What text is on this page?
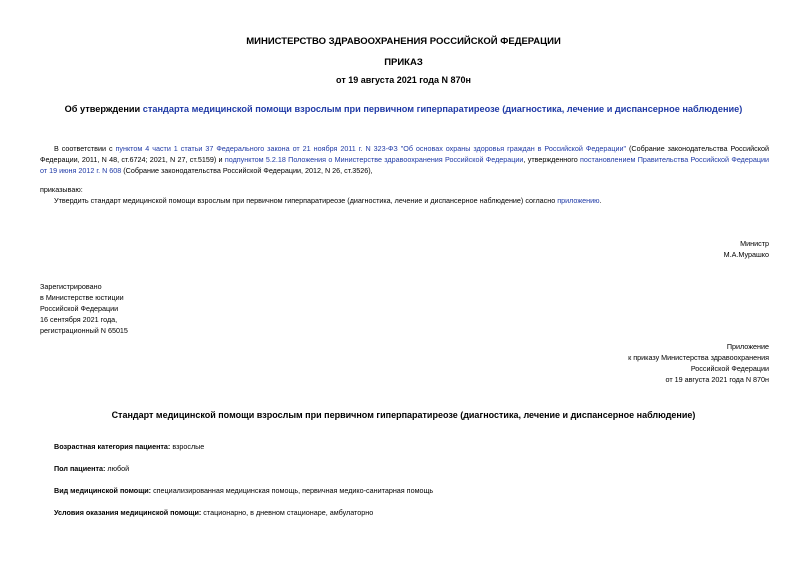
МИНИСТЕРСТВО ЗДРАВООХРАНЕНИЯ РОССИЙСКОЙ ФЕДЕРАЦИИ
ПРИКАЗ
от 19 августа 2021 года N 870н
Об утверждении стандарта медицинской помощи взрослым при первичном гиперпаратиреозе (диагностика, лечение и диспансерное наблюдение)
В соответствии с пунктом 4 части 1 статьи 37 Федерального закона от 21 ноября 2011 г. N 323-ФЗ "Об основах охраны здоровья граждан в Российской Федерации" (Собрание законодательства Российской Федерации, 2011, N 48, ст.6724; 2021, N 27, ст.5159) и подпунктом 5.2.18 Положения о Министерстве здравоохранения Российской Федерации, утвержденного постановлением Правительства Российской Федерации от 19 июня 2012 г. N 608 (Собрание законодательства Российской Федерации, 2012, N 26, ст.3526),
приказываю:
Утвердить стандарт медицинской помощи взрослым при первичном гиперпаратиреозе (диагностика, лечение и диспансерное наблюдение) согласно приложению.
Министр
М.А.Мурашко
Зарегистрировано
в Министерстве юстиции
Российской Федерации
16 сентября 2021 года,
регистрационный N 65015
Приложение
к приказу Министерства здравоохранения
Российской Федерации
от 19 августа 2021 года N 870н
Стандарт медицинской помощи взрослым при первичном гиперпаратиреозе (диагностика, лечение и диспансерное наблюдение)
Возрастная категория пациента: взрослые
Пол пациента: любой
Вид медицинской помощи: специализированная медицинская помощь, первичная медико-санитарная помощь
Условия оказания медицинской помощи: стационарно, в дневном стационаре, амбулаторно
